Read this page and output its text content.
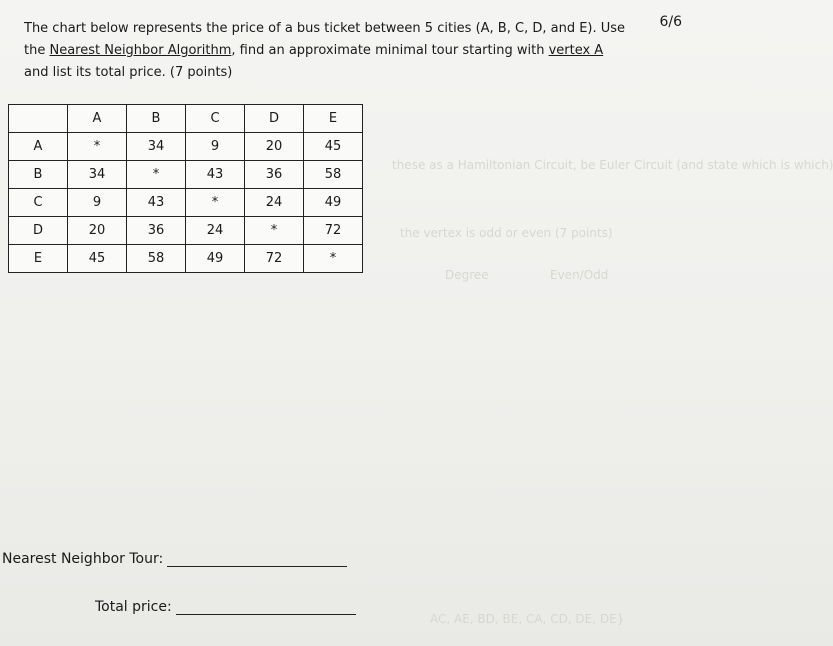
6/6

The chart below represents the price of a bus ticket between 5 cities (A, B, C, D, and E). Use

the Nearest Neighbor Algorithm, find an approximate minimal tour starting with vertex A

and list its total price. (7 points)

these as a Hamiltonian Circuit, be Euler Circuit (and state which is which)
the vertex is odd or even (7 points)
Degree	Even/Odd
AC, AE, BD, BE, CA, CD, DE, DE}
	A	B	C	D	E
A	*	34	9	20	45
B	34	*	43	36	58
C	9	43	*	24	49
D	20	36	24	*	72
E	45	58	49	72	*
Nearest Neighbor Tour:
Total price:
